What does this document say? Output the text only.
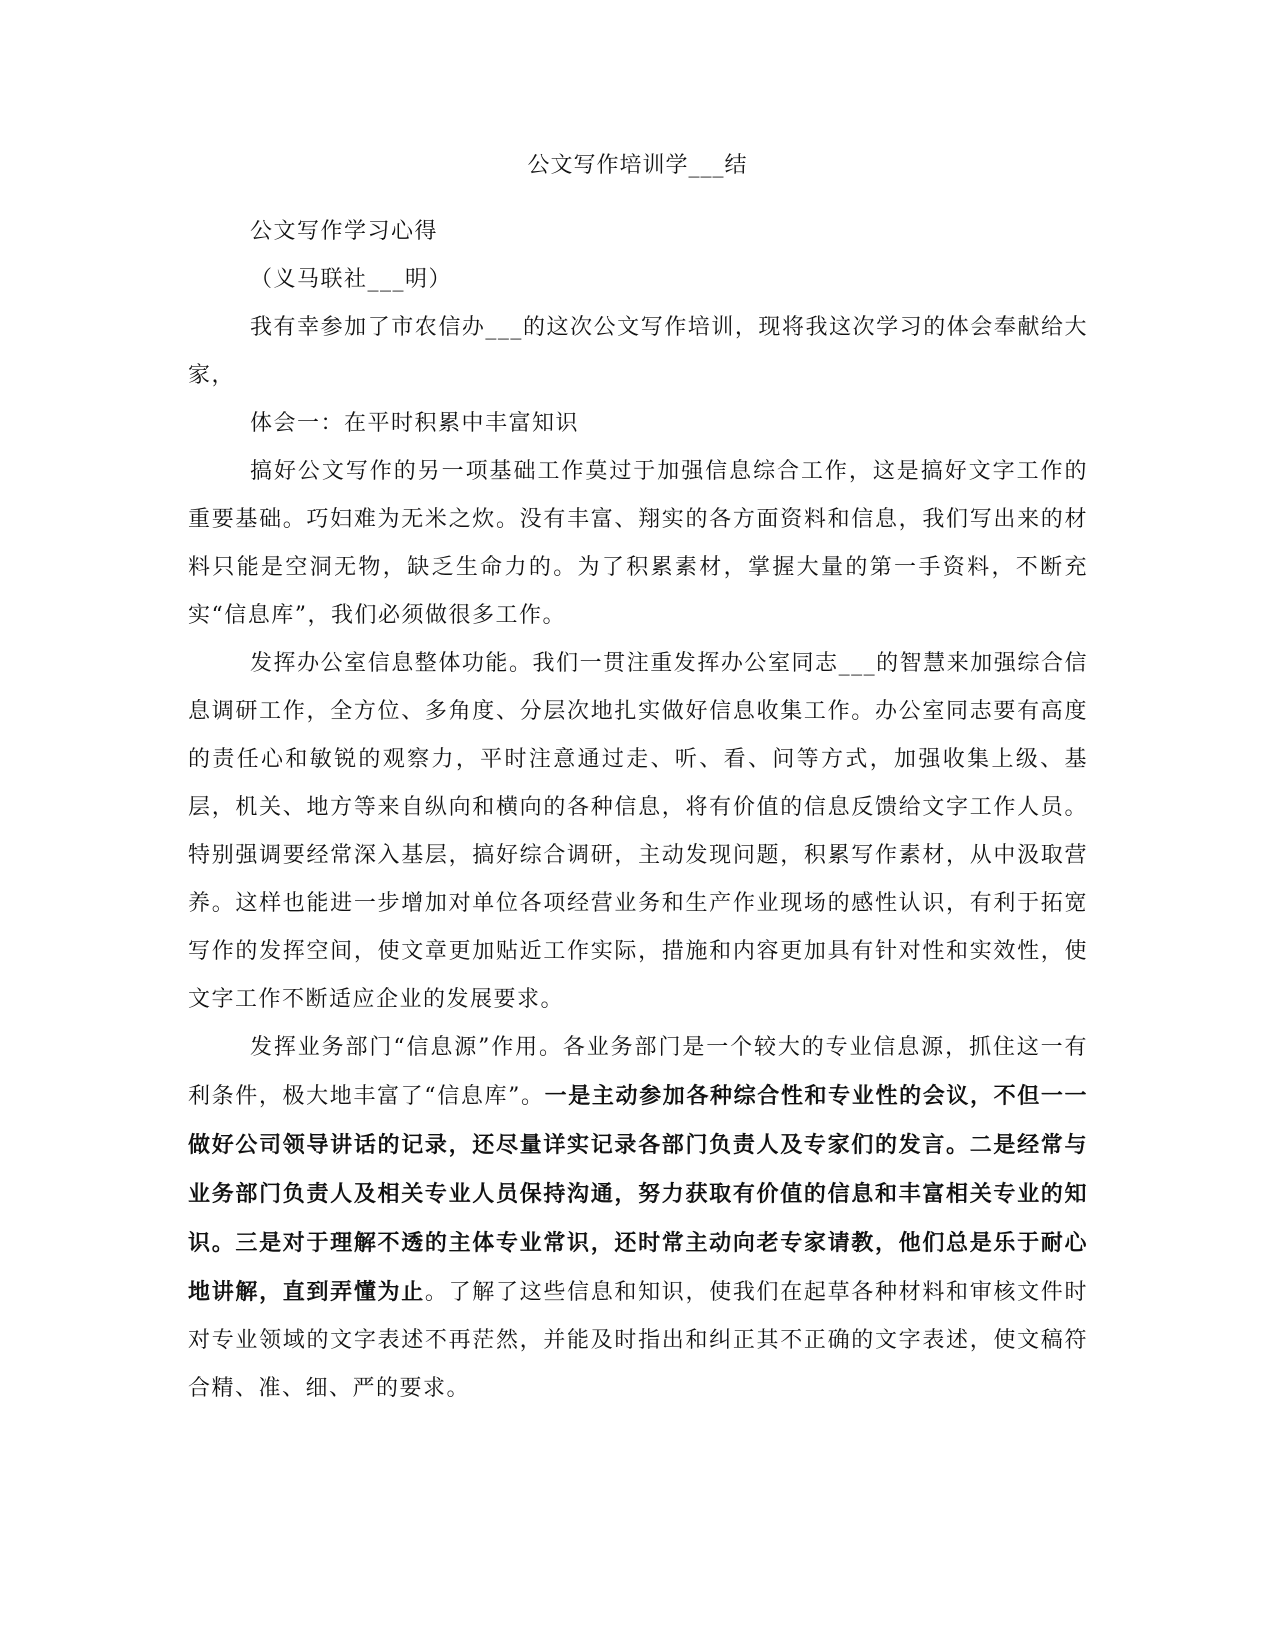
公文写作培训学___结

公文写作学习心得

（义马联社___明）

我有幸参加了市农信办___的这次公文写作培训，现将我这次学习的体会奉献给大家，

体会一：在平时积累中丰富知识

搞好公文写作的另一项基础工作莫过于加强信息综合工作，这是搞好文字工作的重要基础。巧妇难为无米之炊。没有丰富、翔实的各方面资料和信息，我们写出来的材料只能是空洞无物，缺乏生命力的。为了积累素材，掌握大量的第一手资料，不断充实“信息库”，我们必须做很多工作。

发挥办公室信息整体功能。我们一贯注重发挥办公室同志___的智慧来加强综合信息调研工作，全方位、多角度、分层次地扎实做好信息收集工作。办公室同志要有高度的责任心和敏锐的观察力，平时注意通过走、听、看、问等方式，加强收集上级、基层，机关、地方等来自纵向和横向的各种信息，将有价值的信息反馈给文字工作人员。特别强调要经常深入基层，搞好综合调研，主动发现问题，积累写作素材，从中汲取营养。这样也能进一步增加对单位各项经营业务和生产作业现场的感性认识，有利于拓宽写作的发挥空间，使文章更加贴近工作实际，措施和内容更加具有针对性和实效性，使文字工作不断适应企业的发展要求。

发挥业务部门“信息源”作用。各业务部门是一个较大的专业信息源，抓住这一有利条件，极大地丰富了“信息库”。一是主动参加各种综合性和专业性的会议，不但一一做好公司领导讲话的记录，还尽量详实记录各部门负责人及专家们的发言。二是经常与业务部门负责人及相关专业人员保持沟通，努力获取有价值的信息和丰富相关专业的知识。三是对于理解不透的主体专业常识，还时常主动向老专家请教，他们总是乐于耐心地讲解，直到弄懂为止。了解了这些信息和知识，使我们在起草各种材料和审核文件时对专业领域的文字表述不再茫然，并能及时指出和纠正其不正确的文字表述，使文稿符合精、准、细、严的要求。
